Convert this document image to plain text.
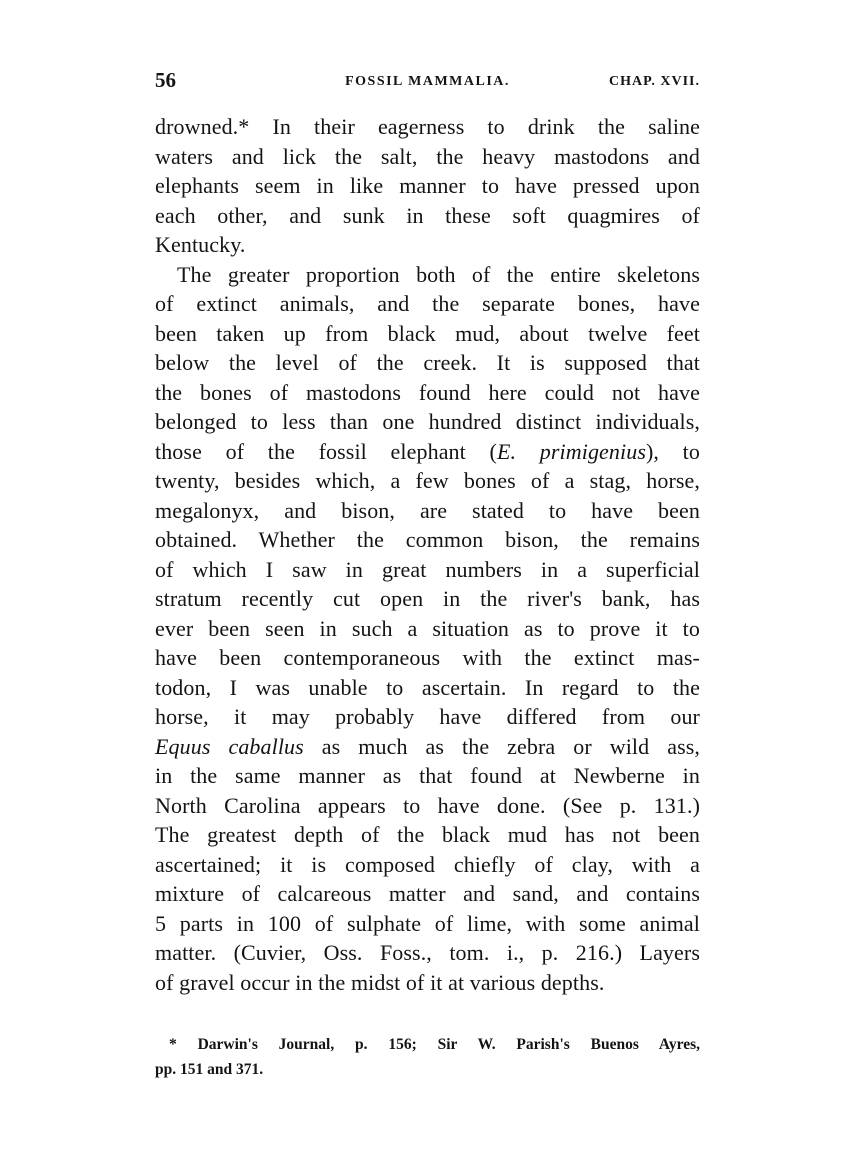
56	FOSSIL MAMMALIA.	CHAP. XVII.
drowned.* In their eagerness to drink the saline
waters and lick the salt, the heavy mastodons and
elephants seem in like manner to have pressed upon
each other, and sunk in these soft quagmires of
Kentucky.
The greater proportion both of the entire skeletons
of extinct animals, and the separate bones, have
been taken up from black mud, about twelve feet
below the level of the creek. It is supposed that
the bones of mastodons found here could not have
belonged to less than one hundred distinct individuals,
those of the fossil elephant (E. primigenius), to
twenty, besides which, a few bones of a stag, horse,
megalonyx, and bison, are stated to have been
obtained. Whether the common bison, the remains
of which I saw in great numbers in a superficial
stratum recently cut open in the river's bank, has
ever been seen in such a situation as to prove it to
have been contemporaneous with the extinct mas-
todon, I was unable to ascertain. In regard to the
horse, it may probably have differed from our
Equus caballus as much as the zebra or wild ass,
in the same manner as that found at Newberne in
North Carolina appears to have done. (See p. 131.)
The greatest depth of the black mud has not been
ascertained; it is composed chiefly of clay, with a
mixture of calcareous matter and sand, and contains
5 parts in 100 of sulphate of lime, with some animal
matter. (Cuvier, Oss. Foss., tom. i., p. 216.) Layers
of gravel occur in the midst of it at various depths.
* Darwin's Journal, p. 156; Sir W. Parish's Buenos Ayres,
pp. 151 and 371.
